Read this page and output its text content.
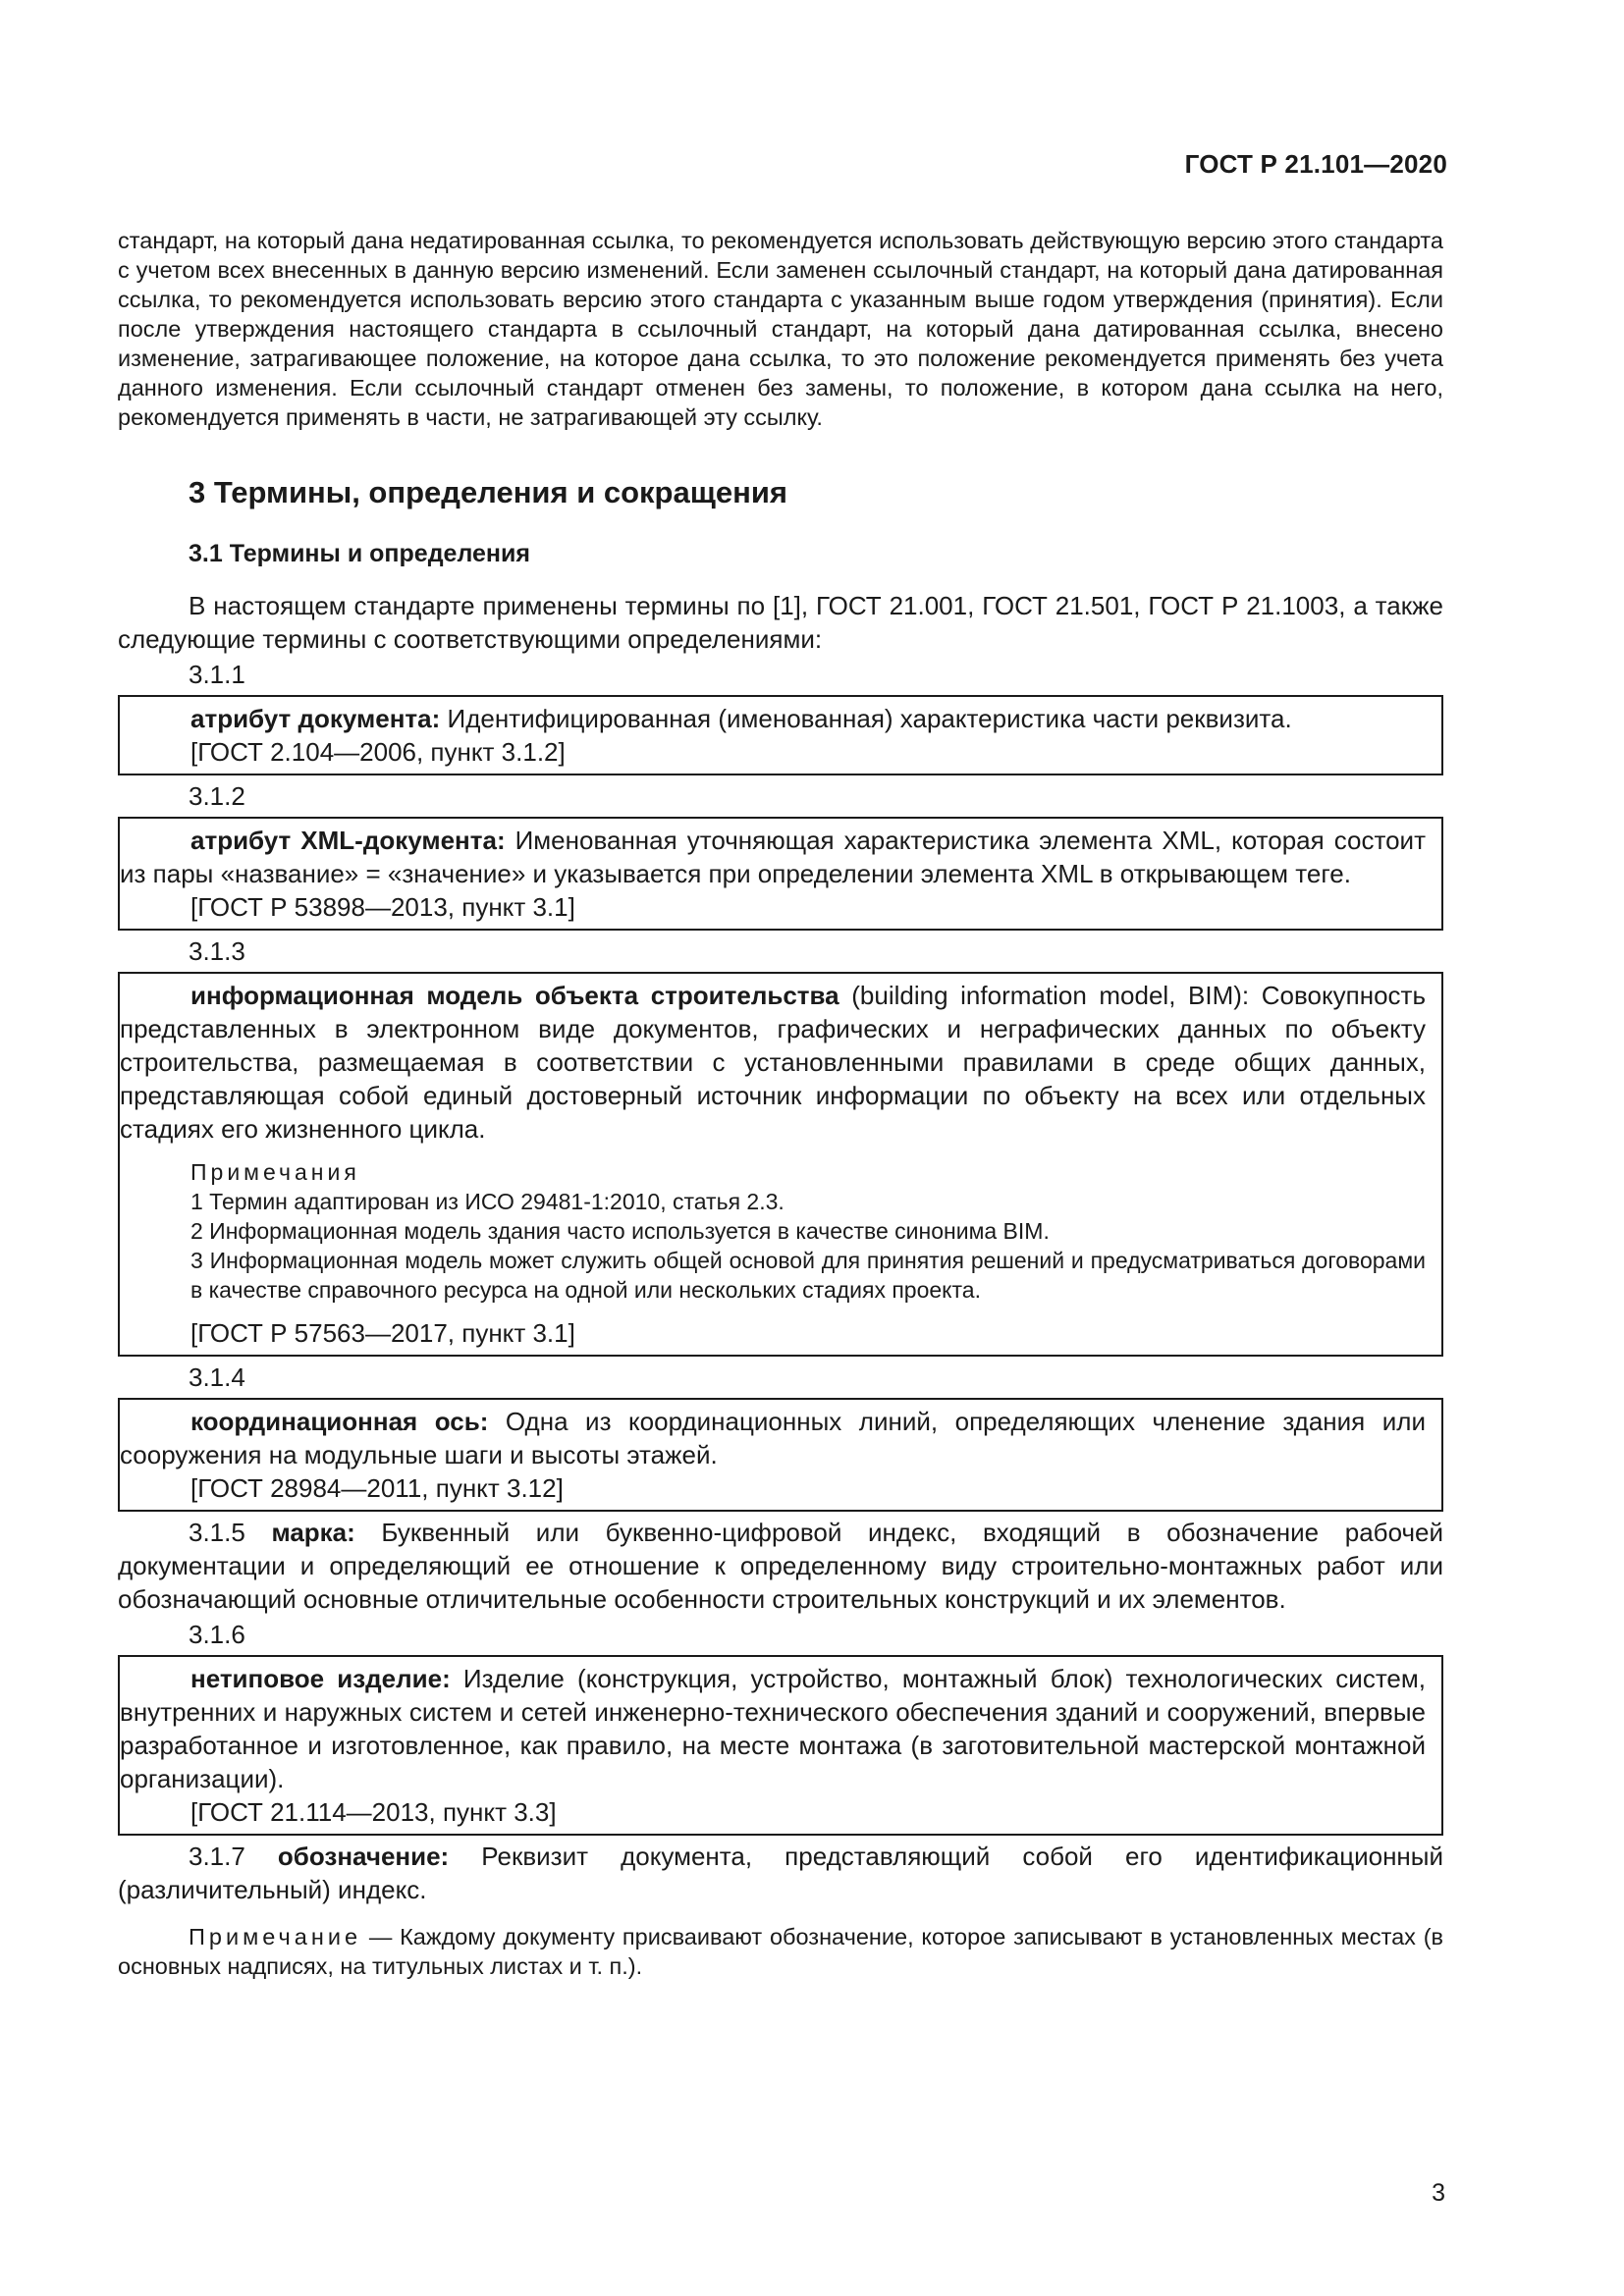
ГОСТ Р 21.101—2020

стандарт, на который дана недатированная ссылка, то рекомендуется использовать действующую версию этого стандарта с учетом всех внесенных в данную версию изменений. Если заменен ссылочный стандарт, на который дана датированная ссылка, то рекомендуется использовать версию этого стандарта с указанным выше годом утверждения (принятия). Если после утверждения настоящего стандарта в ссылочный стандарт, на который дана датированная ссылка, внесено изменение, затрагивающее положение, на которое дана ссылка, то это положение рекомендуется применять без учета данного изменения. Если ссылочный стандарт отменен без замены, то положение, в котором дана ссылка на него, рекомендуется применять в части, не затрагивающей эту ссылку.

3 Термины, определения и сокращения
3.1 Термины и определения

В настоящем стандарте применены термины по [1], ГОСТ 21.001, ГОСТ 21.501, ГОСТ Р 21.1003, а также следующие термины с соответствующими определениями:

3.1.1

атрибут документа: Идентифицированная (именованная) характеристика части реквизита.

[ГОСТ 2.104—2006, пункт 3.1.2]
3.1.2

атрибут XML-документа: Именованная уточняющая характеристика элемента XML, которая состоит из пары «название» = «значение» и указывается при определении элемента XML в открывающем теге.

[ГОСТ Р 53898—2013, пункт 3.1]
3.1.3

информационная модель объекта строительства (building information model, BIM): Совокупность представленных в электронном виде документов, графических и неграфических данных по объекту строительства, размещаемая в соответствии с установленными правилами в среде общих данных, представляющая собой единый достоверный источник информации по объекту на всех или отдельных стадиях его жизненного цикла.

Примечания
1 Термин адаптирован из ИСО 29481-1:2010, статья 2.3.
2 Информационная модель здания часто используется в качестве синонима BIM.
3 Информационная модель может служить общей основой для принятия решений и предусматриваться договорами в качестве справочного ресурса на одной или нескольких стадиях проекта.
[ГОСТ Р 57563—2017, пункт 3.1]
3.1.4

координационная ось: Одна из координационных линий, определяющих членение здания или сооружения на модульные шаги и высоты этажей.

[ГОСТ 28984—2011, пункт 3.12]

3.1.5 марка: Буквенный или буквенно-цифровой индекс, входящий в обозначение рабочей документации и определяющий ее отношение к определенному виду строительно-монтажных работ или обозначающий основные отличительные особенности строительных конструкций и их элементов.

3.1.6

нетиповое изделие: Изделие (конструкция, устройство, монтажный блок) технологических систем, внутренних и наружных систем и сетей инженерно-технического обеспечения зданий и сооружений, впервые разработанное и изготовленное, как правило, на месте монтажа (в заготовительной мастерской монтажной организации).

[ГОСТ 21.114—2013, пункт 3.3]

3.1.7 обозначение: Реквизит документа, представляющий собой его идентификационный (различительный) индекс.

Примечание — Каждому документу присваивают обозначение, которое записывают в установленных местах (в основных надписях, на титульных листах и т. п.).

3
